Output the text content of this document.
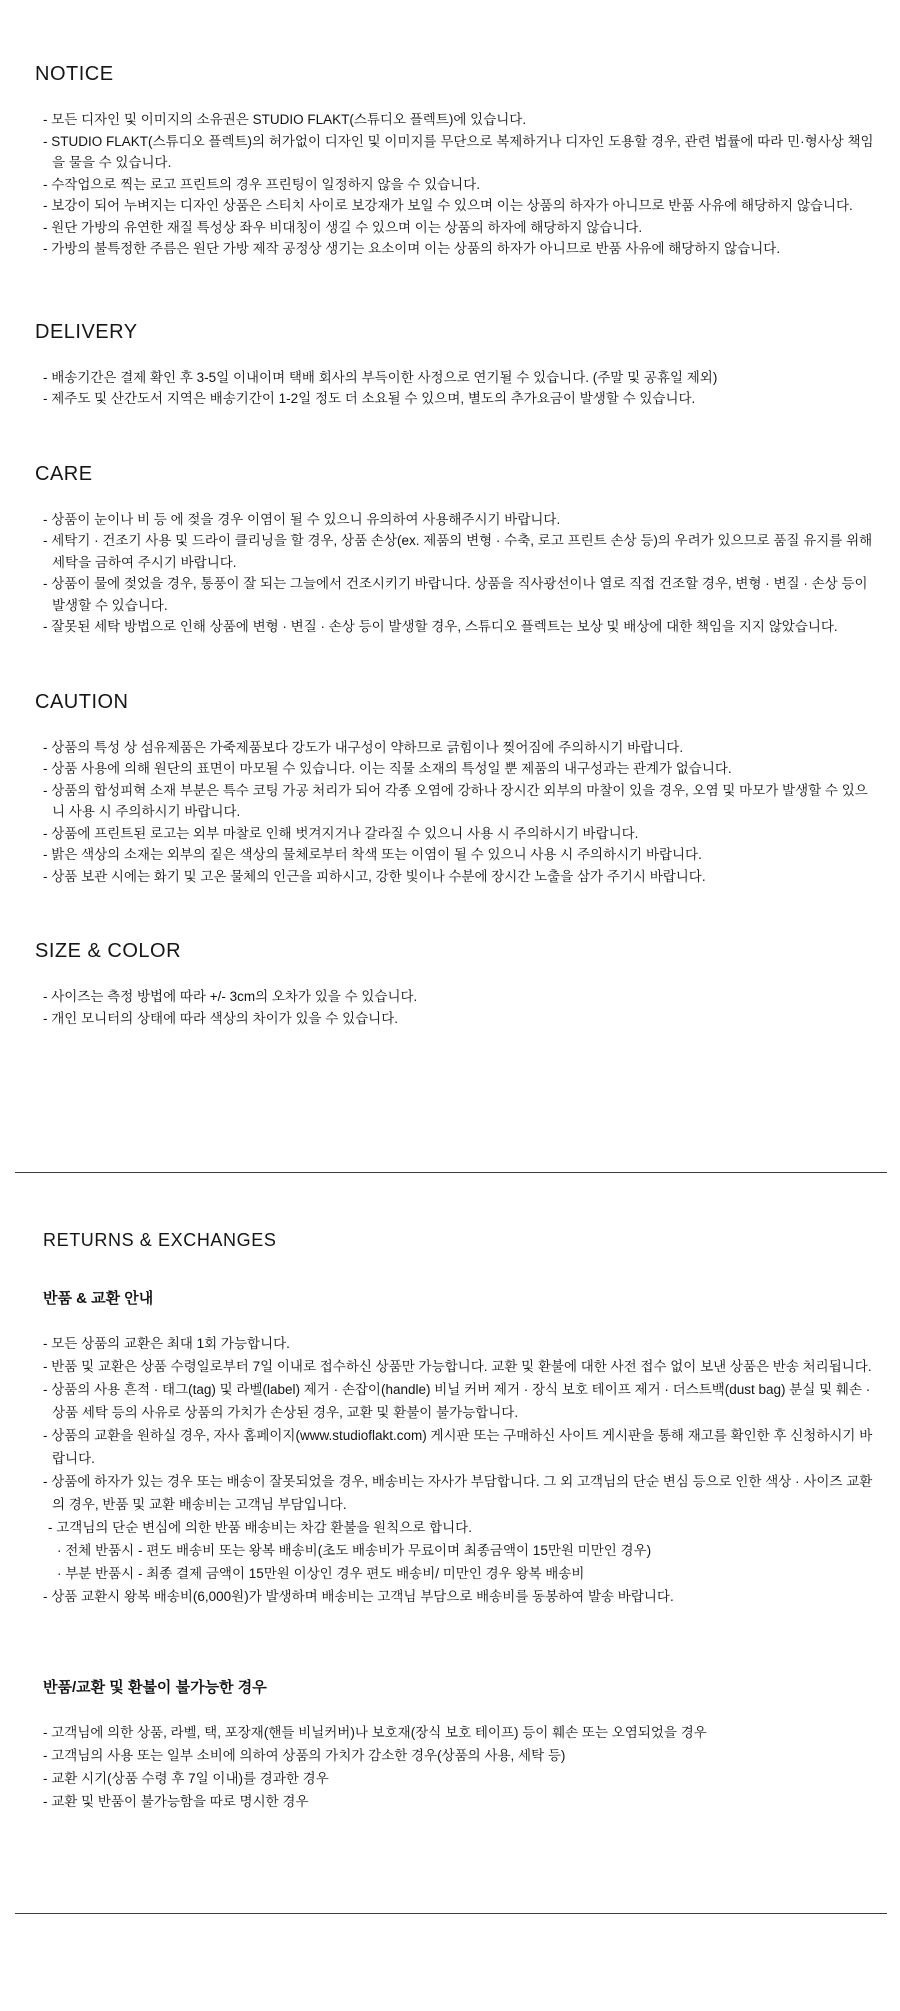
NOTICE
- 모든 디자인 및 이미지의 소유권은 STUDIO FLAKT(스튜디오 플렉트)에 있습니다.
- STUDIO FLAKT(스튜디오 플렉트)의 허가없이 디자인 및 이미지를 무단으로 복제하거나 디자인 도용할 경우, 관련 법률에 따라 민·형사상 책임을 물을 수 있습니다.
- 수작업으로 찍는 로고 프린트의 경우 프린팅이 일정하지 않을 수 있습니다.
- 보강이 되어 누벼지는 디자인 상품은 스티치 사이로 보강재가 보일 수 있으며 이는 상품의 하자가 아니므로 반품 사유에 해당하지 않습니다.
- 원단 가방의 유연한 재질 특성상 좌우 비대칭이 생길 수 있으며 이는 상품의 하자에 해당하지 않습니다.
- 가방의 불특정한 주름은 원단 가방 제작 공정상 생기는 요소이며 이는 상품의 하자가 아니므로 반품 사유에 해당하지 않습니다.
DELIVERY
- 배송기간은 결제 확인 후 3-5일 이내이며 택배 회사의 부득이한 사정으로 연기될 수 있습니다. (주말 및 공휴일 제외)
- 제주도 및 산간도서 지역은 배송기간이 1-2일 정도 더 소요될 수 있으며, 별도의 추가요금이 발생할 수 있습니다.
CARE
- 상품이 눈이나 비 등 에 젖을 경우 이염이 될 수 있으니 유의하여 사용해주시기 바랍니다.
- 세탁기 · 건조기 사용 및 드라이 클리닝을 할 경우, 상품 손상(ex. 제품의 변형 · 수축, 로고 프린트 손상 등)의 우려가 있으므로 품질 유지를 위해 세탁을 금하여 주시기 바랍니다.
- 상품이 물에 젖었을 경우, 통풍이 잘 되는 그늘에서 건조시키기 바랍니다. 상품을 직사광선이나 열로 직접 건조할 경우, 변형 · 변질 · 손상 등이 발생할 수 있습니다.
- 잘못된 세탁 방법으로 인해 상품에 변형 · 변질 · 손상 등이 발생할 경우, 스튜디오 플렉트는 보상 및 배상에 대한 책임을 지지 않았습니다.
CAUTION
- 상품의 특성 상 섬유제품은 가죽제품보다 강도가 내구성이 약하므로 긁힘이나 찢어짐에 주의하시기 바랍니다.
- 상품 사용에 의해 원단의 표면이 마모될 수 있습니다. 이는 직물 소재의 특성일 뿐 제품의 내구성과는 관계가 없습니다.
- 상품의 합성피혁 소재 부분은 특수 코팅 가공 처리가 되어 각종 오염에 강하나 장시간 외부의 마찰이 있을 경우, 오염 및 마모가 발생할 수 있으니 사용 시 주의하시기 바랍니다.
- 상품에 프린트된 로고는 외부 마찰로 인해 벗겨지거나 갈라질 수 있으니 사용 시 주의하시기 바랍니다.
- 밝은 색상의 소재는 외부의 짙은 색상의 물체로부터 착색 또는 이염이 될 수 있으니 사용 시 주의하시기 바랍니다.
- 상품 보관 시에는 화기 및 고온 물체의 인근을 피하시고, 강한 빛이나 수분에 장시간 노출을 삼가 주기시 바랍니다.
SIZE & COLOR
- 사이즈는 측정 방법에 따라 +/- 3cm의 오차가 있을 수 있습니다.
- 개인 모니터의 상태에 따라 색상의 차이가 있을 수 있습니다.
RETURNS & EXCHANGES
반품 & 교환 안내
- 모든 상품의 교환은 최대 1회 가능합니다.
- 반품 및 교환은 상품 수령일로부터 7일 이내로 접수하신 상품만 가능합니다. 교환 및 환불에 대한 사전 접수 없이 보낸 상품은 반송 처리됩니다.
- 상품의 사용 흔적 · 태그(tag) 및 라벨(label) 제거 · 손잡이(handle) 비닐 커버 제거 · 장식 보호 테이프 제거 · 더스트백(dust bag) 분실 및 훼손 · 상품 세탁 등의 사유로 상품의 가치가 손상된 경우, 교환 및 환불이 불가능합니다.
- 상품의 교환을 원하실 경우, 자사 홈페이지(www.studioflakt.com) 게시판 또는 구매하신 사이트 게시판을 통해 재고를 확인한 후 신청하시기 바랍니다.
- 상품에 하자가 있는 경우 또는 배송이 잘못되었을 경우, 배송비는 자사가 부담합니다. 그 외 고객님의 단순 변심 등으로 인한 색상 · 사이즈 교환의 경우, 반품 및 교환 배송비는 고객님 부담입니다.
- 고객님의 단순 변심에 의한 반품 배송비는 차감 환불을 원칙으로 합니다.
· 전체 반품시 - 편도 배송비 또는 왕복 배송비(초도 배송비가 무료이며 최종금액이 15만원 미만인 경우)
· 부분 반품시 - 최종 결제 금액이 15만원 이상인 경우 편도 배송비/ 미만인 경우 왕복 배송비
- 상품 교환시 왕복 배송비(6,000원)가 발생하며 배송비는 고객님 부담으로 배송비를 동봉하여 발송 바랍니다.
반품/교환 및 환불이 불가능한 경우
- 고객님에 의한 상품, 라벨, 택, 포장재(핸들 비닐커버)나 보호재(장식 보호 테이프) 등이 훼손 또는 오염되었을 경우
- 고객님의 사용 또는 일부 소비에 의하여 상품의 가치가 감소한 경우(상품의 사용, 세탁 등)
- 교환 시기(상품 수령 후 7일 이내)를 경과한 경우
- 교환 및 반품이 불가능함을 따로 명시한 경우
